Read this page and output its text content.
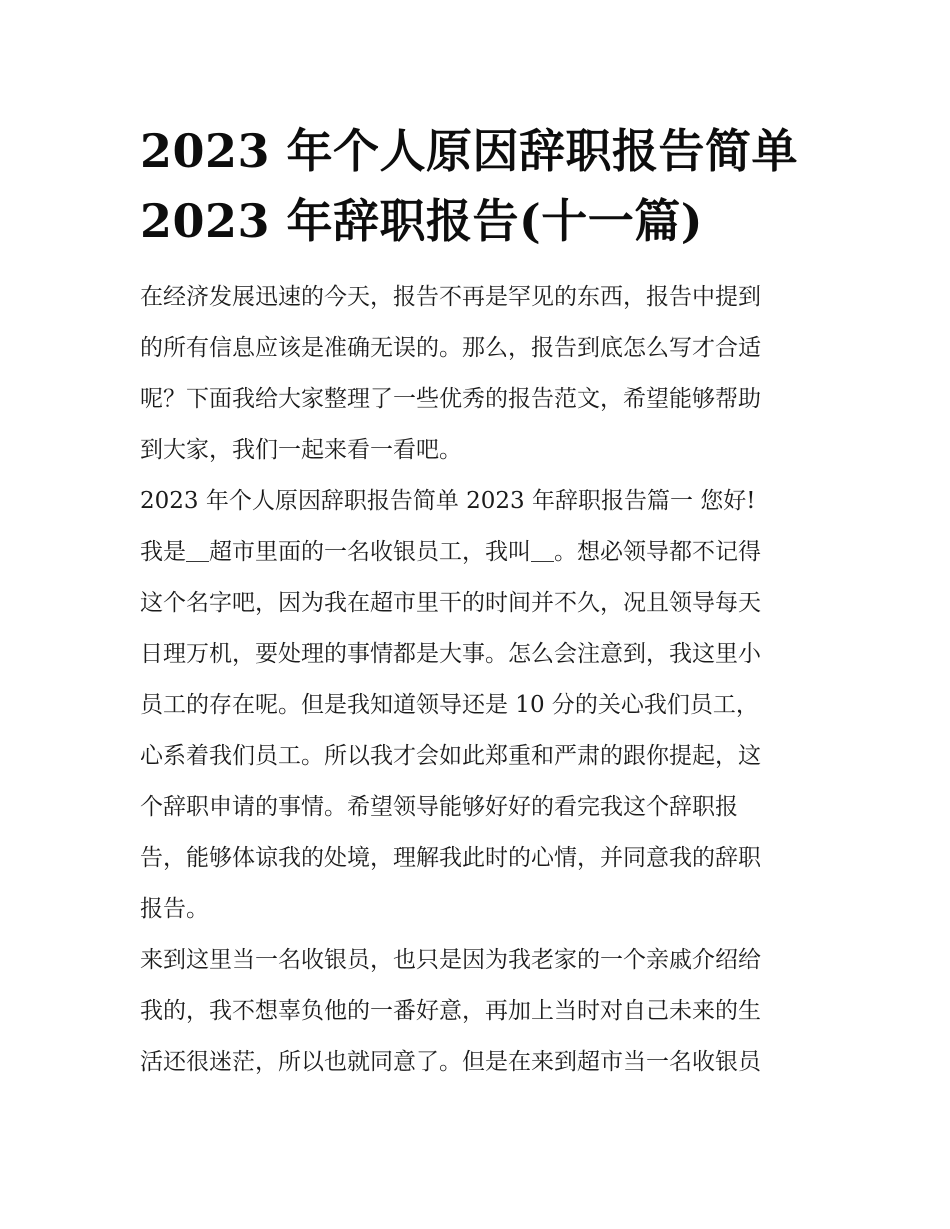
2023 年个人原因辞职报告简单
2023 年辞职报告(十一篇)

在经济发展迅速的今天，报告不再是罕见的东西，报告中提到
的所有信息应该是准确无误的。那么，报告到底怎么写才合适
呢？下面我给大家整理了一些优秀的报告范文，希望能够帮助
到大家，我们一起来看一看吧。

2023 年个人原因辞职报告简单 2023 年辞职报告篇一 您好!

我是＿超市里面的一名收银员工，我叫＿。想必领导都不记得
这个名字吧，因为我在超市里干的时间并不久，况且领导每天
日理万机，要处理的事情都是大事。怎么会注意到，我这里小
员工的存在呢。但是我知道领导还是 10 分的关心我们员工，
心系着我们员工。所以我才会如此郑重和严肃的跟你提起，这
个辞职申请的事情。希望领导能够好好的看完我这个辞职报
告，能够体谅我的处境，理解我此时的心情，并同意我的辞职
报告。

来到这里当一名收银员，也只是因为我老家的一个亲戚介绍给
我的，我不想辜负他的一番好意，再加上当时对自己未来的生
活还很迷茫，所以也就同意了。但是在来到超市当一名收银员
